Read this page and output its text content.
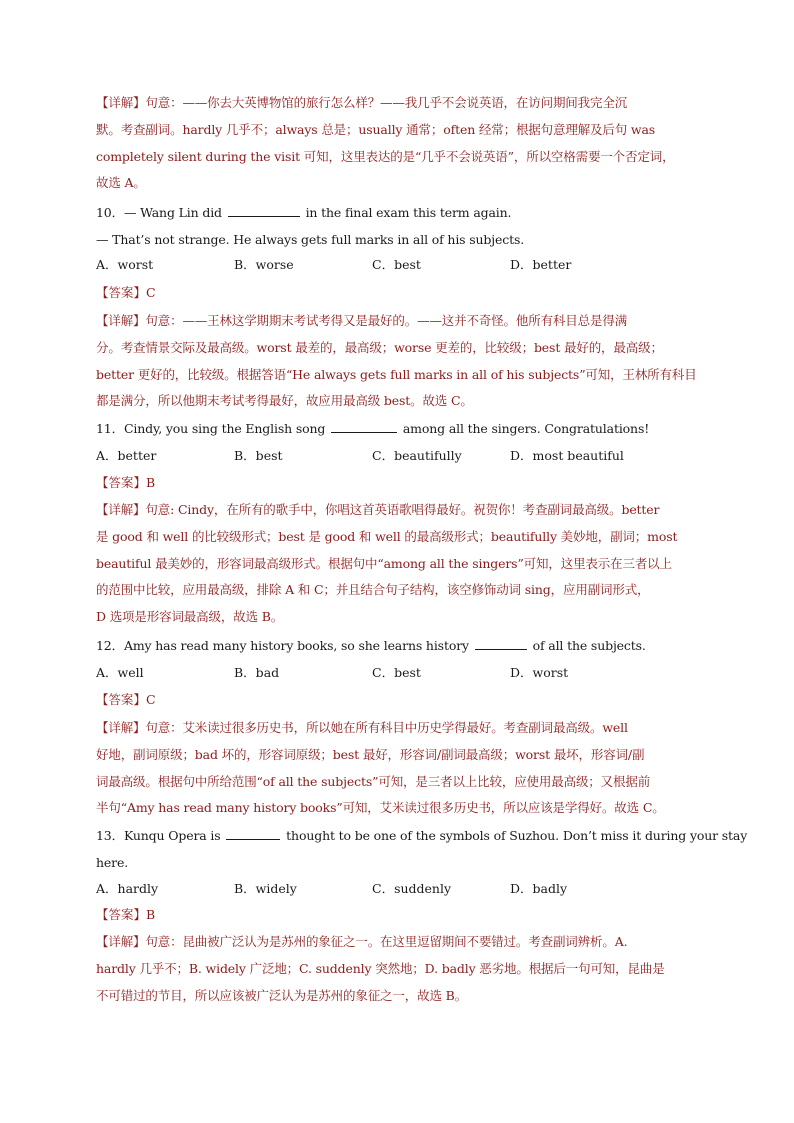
【详解】句意：——你去大英博物馆的旅行怎么样？——我几乎不会说英语，在访问期间我完全沉
默。考查副词。hardly 几乎不；always 总是；usually 通常；often 经常；根据句意理解及后句 was
completely silent during the visit 可知，这里表达的是“几乎不会说英语”，所以空格需要一个否定词，
故选 A。
10．— Wang Lin did	in the final exam this term again.
— That’s not strange. He always gets full marks in all of his subjects.
A．worst	B．worse	C．best	D．better
【答案】C
【详解】句意：——王林这学期期末考试考得又是最好的。——这并不奇怪。他所有科目总是得满
分。考查情景交际及最高级。worst 最差的，最高级；worse 更差的，比较级；best 最好的，最高级；
better 更好的，比较级。根据答语“He always gets full marks in all of his subjects”可知，王林所有科目
都是满分，所以他期末考试考得最好，故应用最高级 best。故选 C。
11．Cindy, you sing the English song	among all the singers. Congratulations!
A．better	B．best	C．beautifully	D．most beautiful
【答案】B
【详解】句意: Cindy，在所有的歌手中，你唱这首英语歌唱得最好。祝贺你！考查副词最高级。better
是 good 和 well 的比较级形式；best 是 good 和 well 的最高级形式；beautifully 美妙地，副词；most
beautiful 最美妙的，形容词最高级形式。根据句中“among all the singers”可知，这里表示在三者以上
的范围中比较，应用最高级，排除 A 和 C；并且结合句子结构，该空修饰动词 sing，应用副词形式，
D 选项是形容词最高级，故选 B。
12．Amy has read many history books, so she learns history	of all the subjects.
A．well	B．bad	C．best	D．worst
【答案】C
【详解】句意：艾米读过很多历史书，所以她在所有科目中历史学得最好。考查副词最高级。well
好地，副词原级；bad 坏的，形容词原级；best 最好，形容词/副词最高级；worst 最坏，形容词/副
词最高级。根据句中所给范围“of all the subjects”可知，是三者以上比较，应使用最高级；又根据前
半句“Amy has read many history books”可知，艾米读过很多历史书，所以应该是学得好。故选 C。
13．Kunqu Opera is	thought to be one of the symbols of Suzhou. Don’t miss it during your stay
here.
A．hardly	B．widely	C．suddenly	D．badly
【答案】B
【详解】句意：昆曲被广泛认为是苏州的象征之一。在这里逗留期间不要错过。考查副词辨析。A.
hardly 几乎不；B. widely 广泛地；C. suddenly 突然地；D. badly 恶劣地。根据后一句可知，昆曲是
不可错过的节目，所以应该被广泛认为是苏州的象征之一，故选 B。
